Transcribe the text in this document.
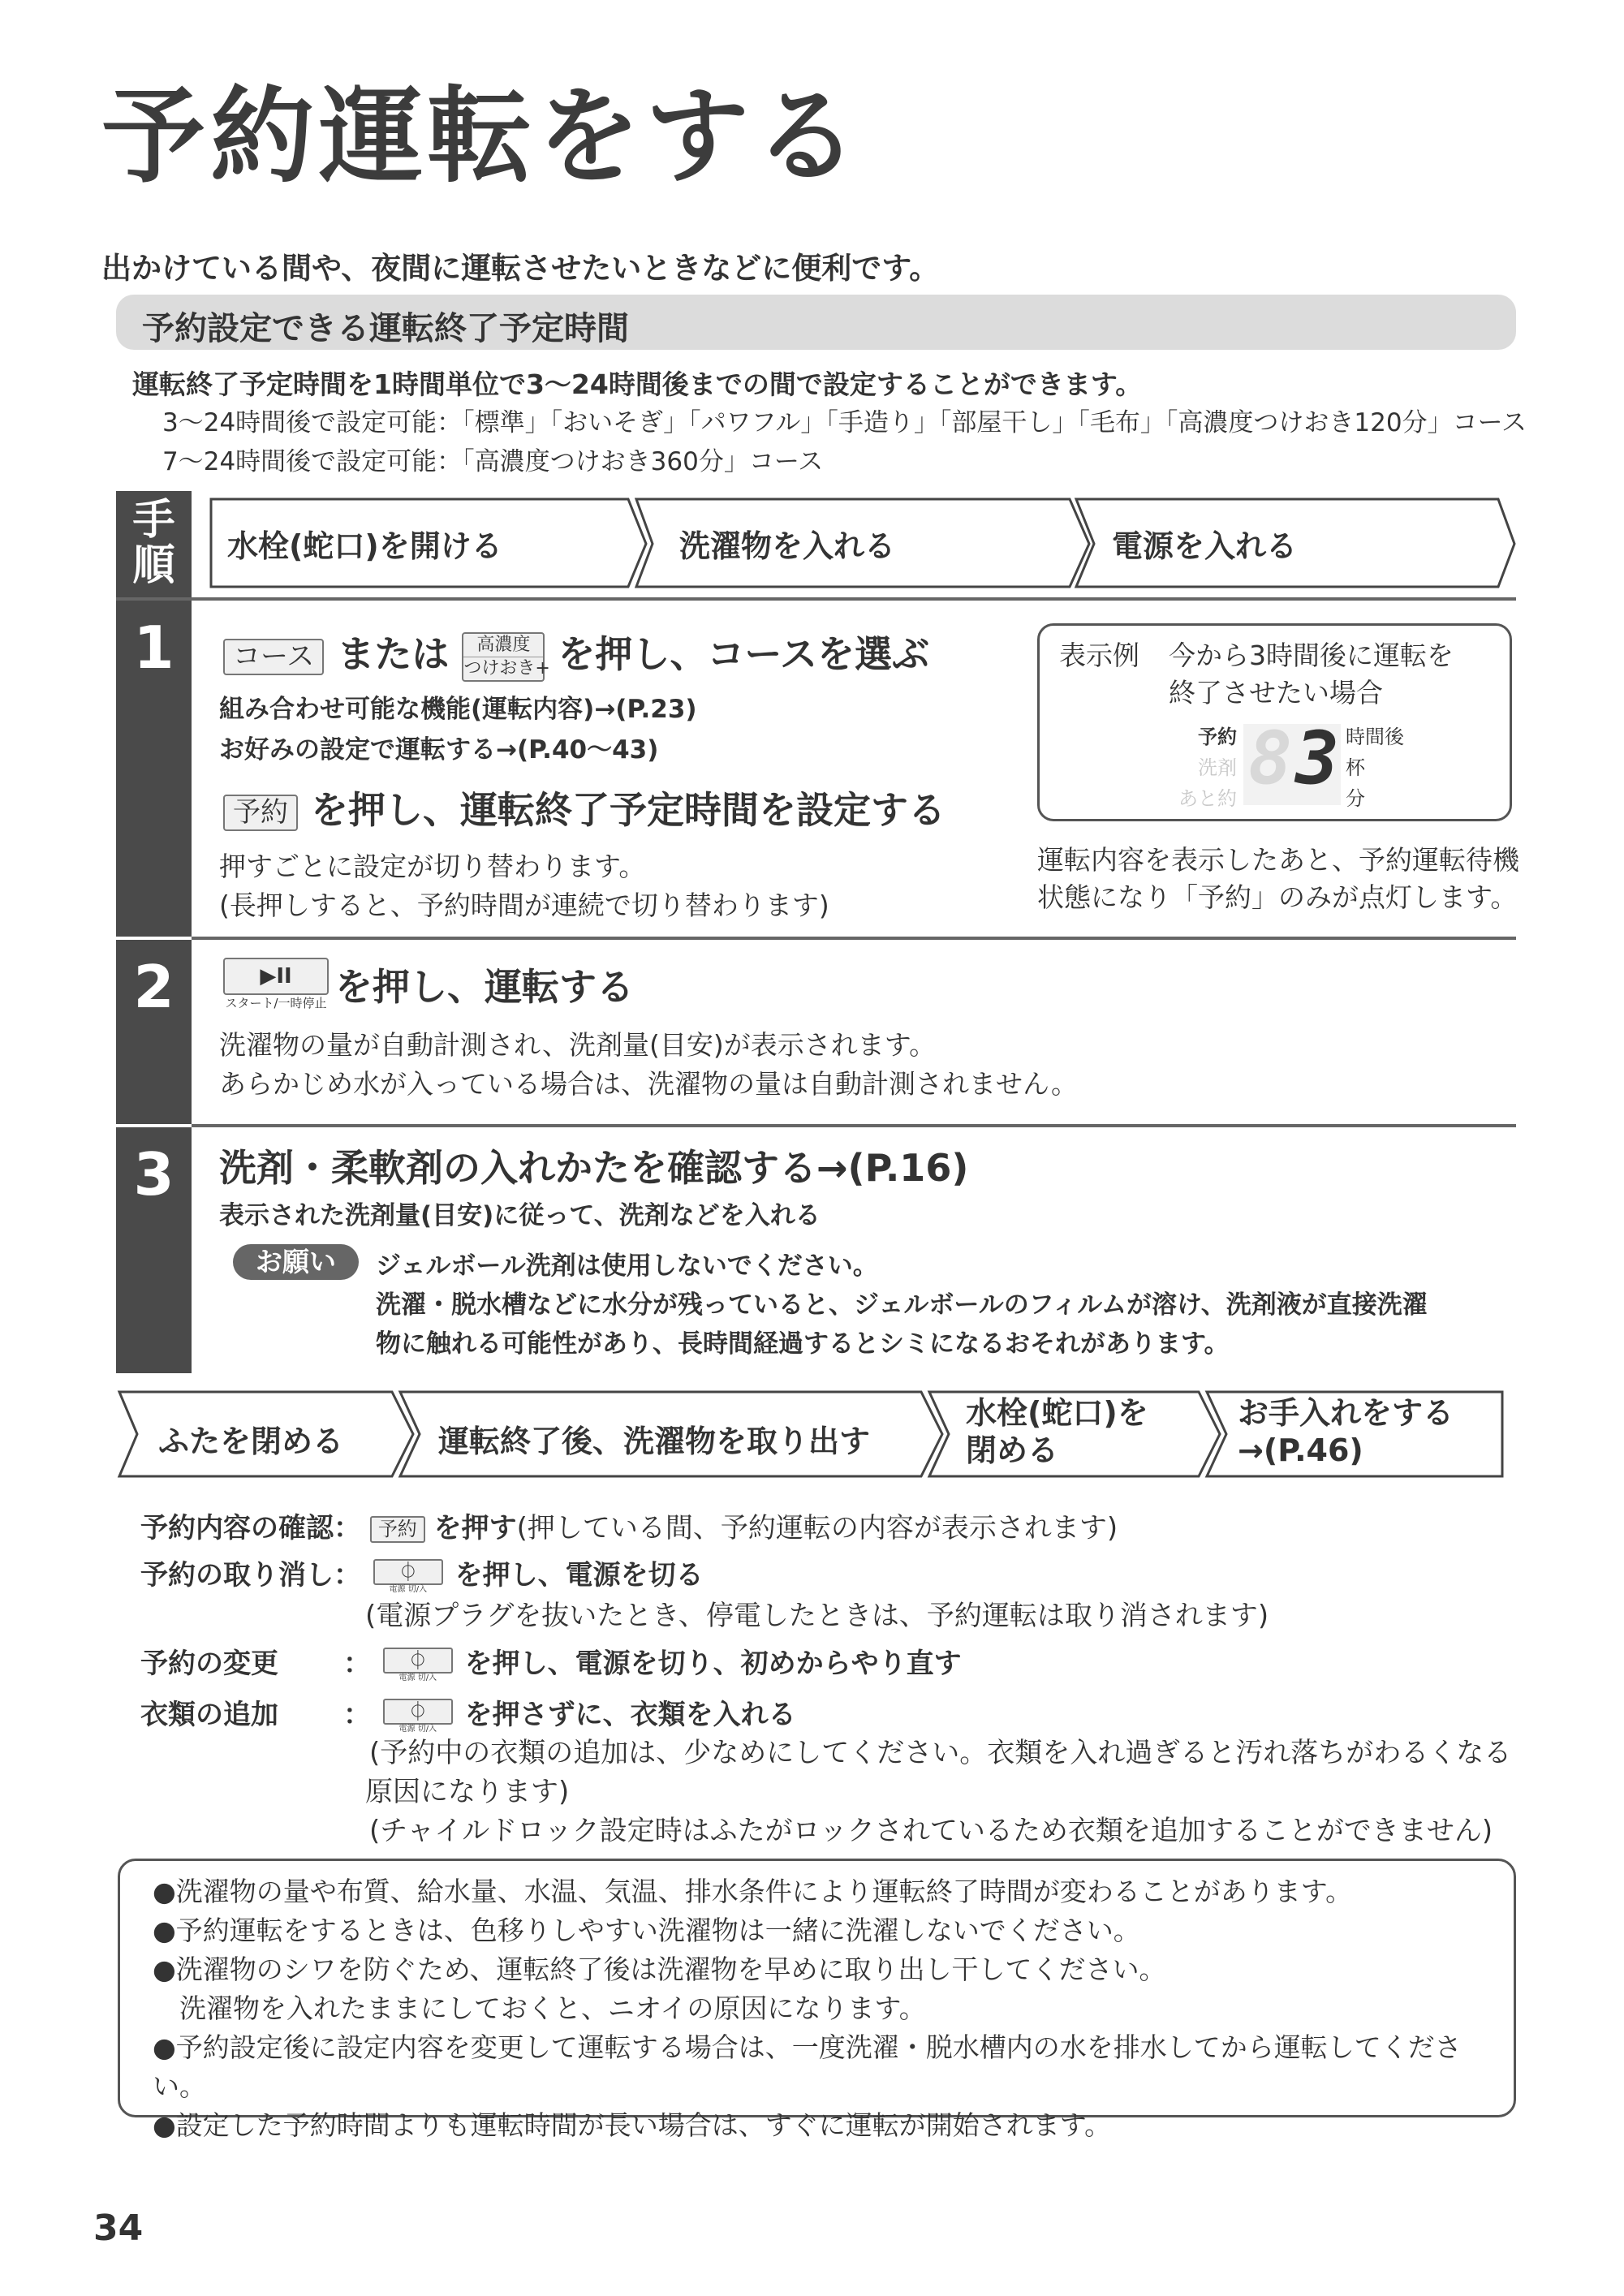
予約運転をする
出かけている間や、夜間に運転させたいときなどに便利です。
予約設定できる運転終了予定時間
運転終了予定時間を1時間単位で3〜24時間後までの間で設定することができます。
3〜24時間後で設定可能：「標準」「おいそぎ」「パワフル」「手造り」「部屋干し」「毛布」「高濃度つけおき120分」コース
7〜24時間後で設定可能：「高濃度つけおき360分」コース
手
順	水栓(蛇口)を開ける	洗濯物を入れる	電源を入れる
1	コース または	高濃度
つけおき+ を押し、コースを選ぶ
組み合わせ可能な機能(運転内容)→(P.23)
お好みの設定で運転する→(P.40〜43)
予約 を押し、運転終了予定時間を設定する
押すごとに設定が切り替わります。
(長押しすると、予約時間が連続で切り替わります)
表示例 今から3時間後に運転を
終了させたい場合
予約
洗剤
あと約 8 3 時間後
杯
分
運転内容を表示したあと、予約運転待機
状態になり「予約」のみが点灯します。
2	▶II
スタート/一時停止 を押し、運転する
洗濯物の量が自動計測され、洗剤量(目安)が表示されます。
あらかじめ水が入っている場合は、洗濯物の量は自動計測されません。
3	洗剤・柔軟剤の入れかたを確認する→(P.16)
表示された洗剤量(目安)に従って、洗剤などを入れる
お願い	ジェルボール洗剤は使用しないでください。
洗濯・脱水槽などに水分が残っていると、ジェルボールのフィルムが溶け、洗剤液が直接洗濯
物に触れる可能性があり、長時間経過するとシミになるおそれがあります。
ふたを閉める	運転終了後、洗濯物を取り出す
水栓(蛇口)を
閉める
お手入れをする
→(P.46)
予約内容の確認： 予約 を押す(押している間、予約運転の内容が表示されます)
予約の取り消し：	⏀
電源 切/入	を押し、電源を切る
(電源プラグを抜いたとき、停電したときは、予約運転は取り消されます)
予約の変更 ：	⏀
電源 切/入	を押し、電源を切り、初めからやり直す
衣類の追加 ：	⏀
電源 切/入	を押さずに、衣類を入れる
(予約中の衣類の追加は、少なめにしてください。衣類を入れ過ぎると汚れ落ちがわるくなる
原因になります)
(チャイルドロック設定時はふたがロックされているため衣類を追加することができません)
●洗濯物の量や布質、給水量、水温、気温、排水条件により運転終了時間が変わることがあります。
●予約運転をするときは、色移りしやすい洗濯物は一緒に洗濯しないでください。
●洗濯物のシワを防ぐため、運転終了後は洗濯物を早めに取り出し干してください。
　洗濯物を入れたままにしておくと、ニオイの原因になります。
●予約設定後に設定内容を変更して運転する場合は、一度洗濯・脱水槽内の水を排水してから運転してください。
●設定した予約時間よりも運転時間が長い場合は、すぐに運転が開始されます。
34
